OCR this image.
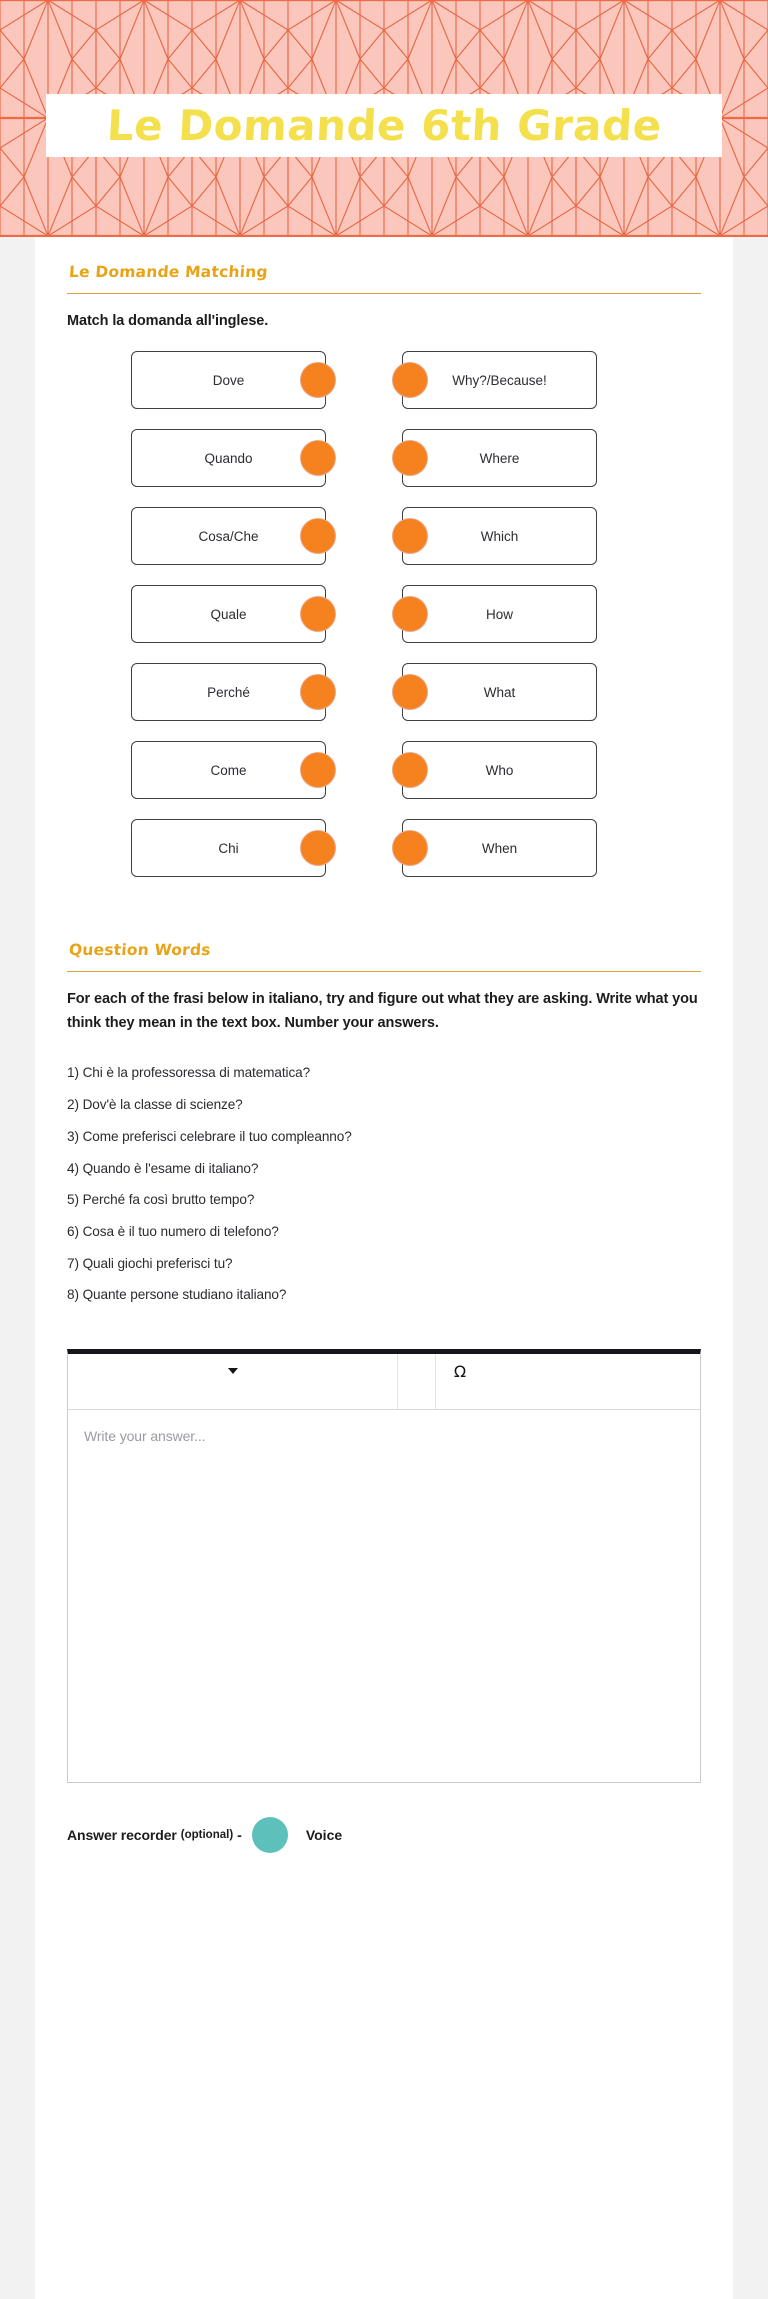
Le Domande 6th Grade
Le Domande Matching
Match la domanda all'inglese.
Dove	Why?/Because!
Quando	Where
Cosa/Che	Which
Quale	How
Perché	What
Come	Who
Chi	When
Question Words
For each of the frasi below in italiano, try and figure out what they are asking. Write what you think they mean in the text box. Number your answers.
1) Chi è la professoressa di matematica?
2) Dov'è la classe di scienze?
3) Come preferisci celebrare il tuo compleanno?
4) Quando è l'esame di italiano?
5) Perché fa così brutto tempo?
6) Cosa è il tuo numero di telefono?
7) Quali giochi preferisci tu?
8) Quante persone studiano italiano?
Ω
Write your answer...
Answer recorder (optional) -	Voice
